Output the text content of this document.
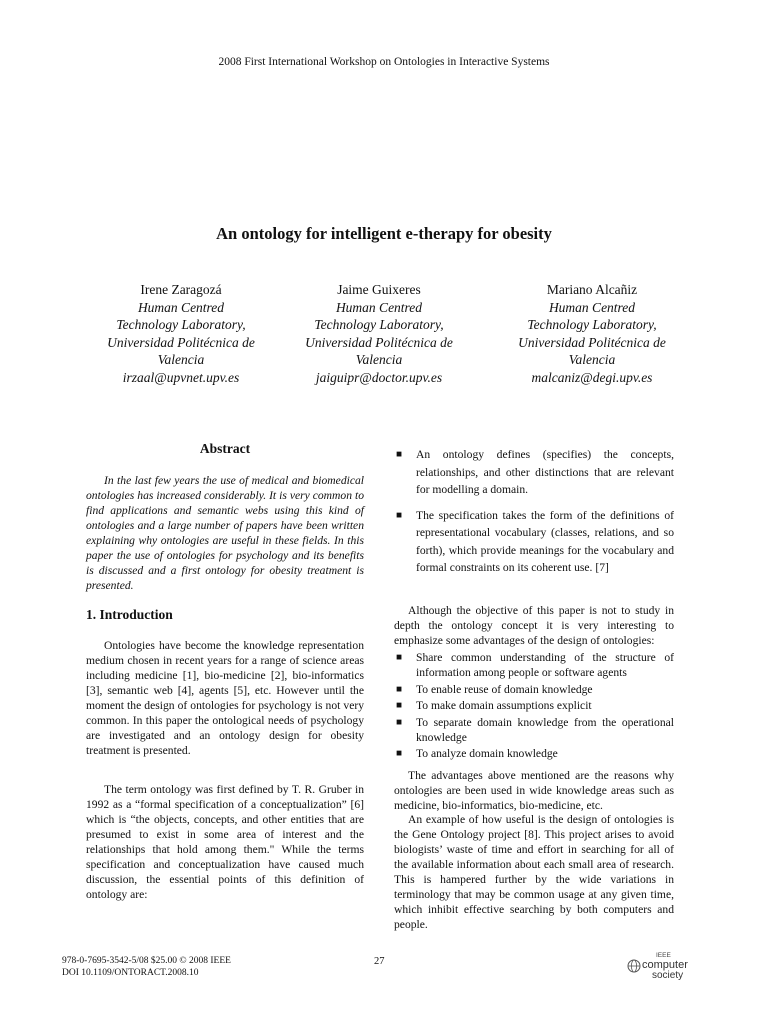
2008 First International Workshop on Ontologies in Interactive Systems
An ontology for intelligent e-therapy for obesity
Irene Zaragozá
Human Centred
Technology Laboratory,
Universidad Politécnica de
Valencia
irzaal@upvnet.upv.es
Jaime Guixeres
Human Centred
Technology Laboratory,
Universidad Politécnica de
Valencia
jaiguipr@doctor.upv.es
Mariano Alcañiz
Human Centred
Technology Laboratory,
Universidad Politécnica de
Valencia
malcaniz@degi.upv.es
Abstract

In the last few years the use of medical and biomedical ontologies has increased considerably. It is very common to find applications and semantic webs using this kind of ontologies and a large number of papers have been written explaining why ontologies are useful in these fields. In this paper the use of ontologies for psychology and its benefits is discussed and a first ontology for obesity treatment is presented.

1. Introduction

Ontologies have become the knowledge representation medium chosen in recent years for a range of science areas including medicine [1], bio-medicine [2], bio-informatics [3], semantic web [4], agents [5], etc. However until the moment the design of ontologies for psychology is not very common. In this paper the ontological needs of psychology are investigated and an ontology design for obesity treatment is presented.

The term ontology was first defined by T. R. Gruber in 1992 as a “formal specification of a conceptualization” [6] which is “the objects, concepts, and other entities that are presumed to exist in some area of interest and the relationships that hold among them." While the terms specification and conceptualization have caused much discussion, the essential points of this definition of ontology are:

■ An ontology defines (specifies) the concepts, relationships, and other distinctions that are relevant for modelling a domain.
■ The specification takes the form of the definitions of representational vocabulary (classes, relations, and so forth), which provide meanings for the vocabulary and formal constraints on its coherent use. [7]

Although the objective of this paper is not to study in depth the ontology concept it is very interesting to emphasize some advantages of the design of ontologies:

■ Share common understanding of the structure of information among people or software agents
■ To enable reuse of domain knowledge
■ To make domain assumptions explicit
■ To separate domain knowledge from the operational knowledge
■ To analyze domain knowledge

The advantages above mentioned are the reasons why ontologies are been used in wide knowledge areas such as medicine, bio-informatics, bio-medicine, etc.

An example of how useful is the design of ontologies is the Gene Ontology project [8]. This project arises to avoid biologists’ waste of time and effort in searching for all of the available information about each small area of research. This is hampered further by the wide variations in terminology that may be common usage at any given time, which inhibit effective searching by both computers and people.

978-0-7695-3542-5/08 $25.00 © 2008 IEEE
DOI 10.1109/ONTORACT.2008.10
27
IEEE
computer
society
